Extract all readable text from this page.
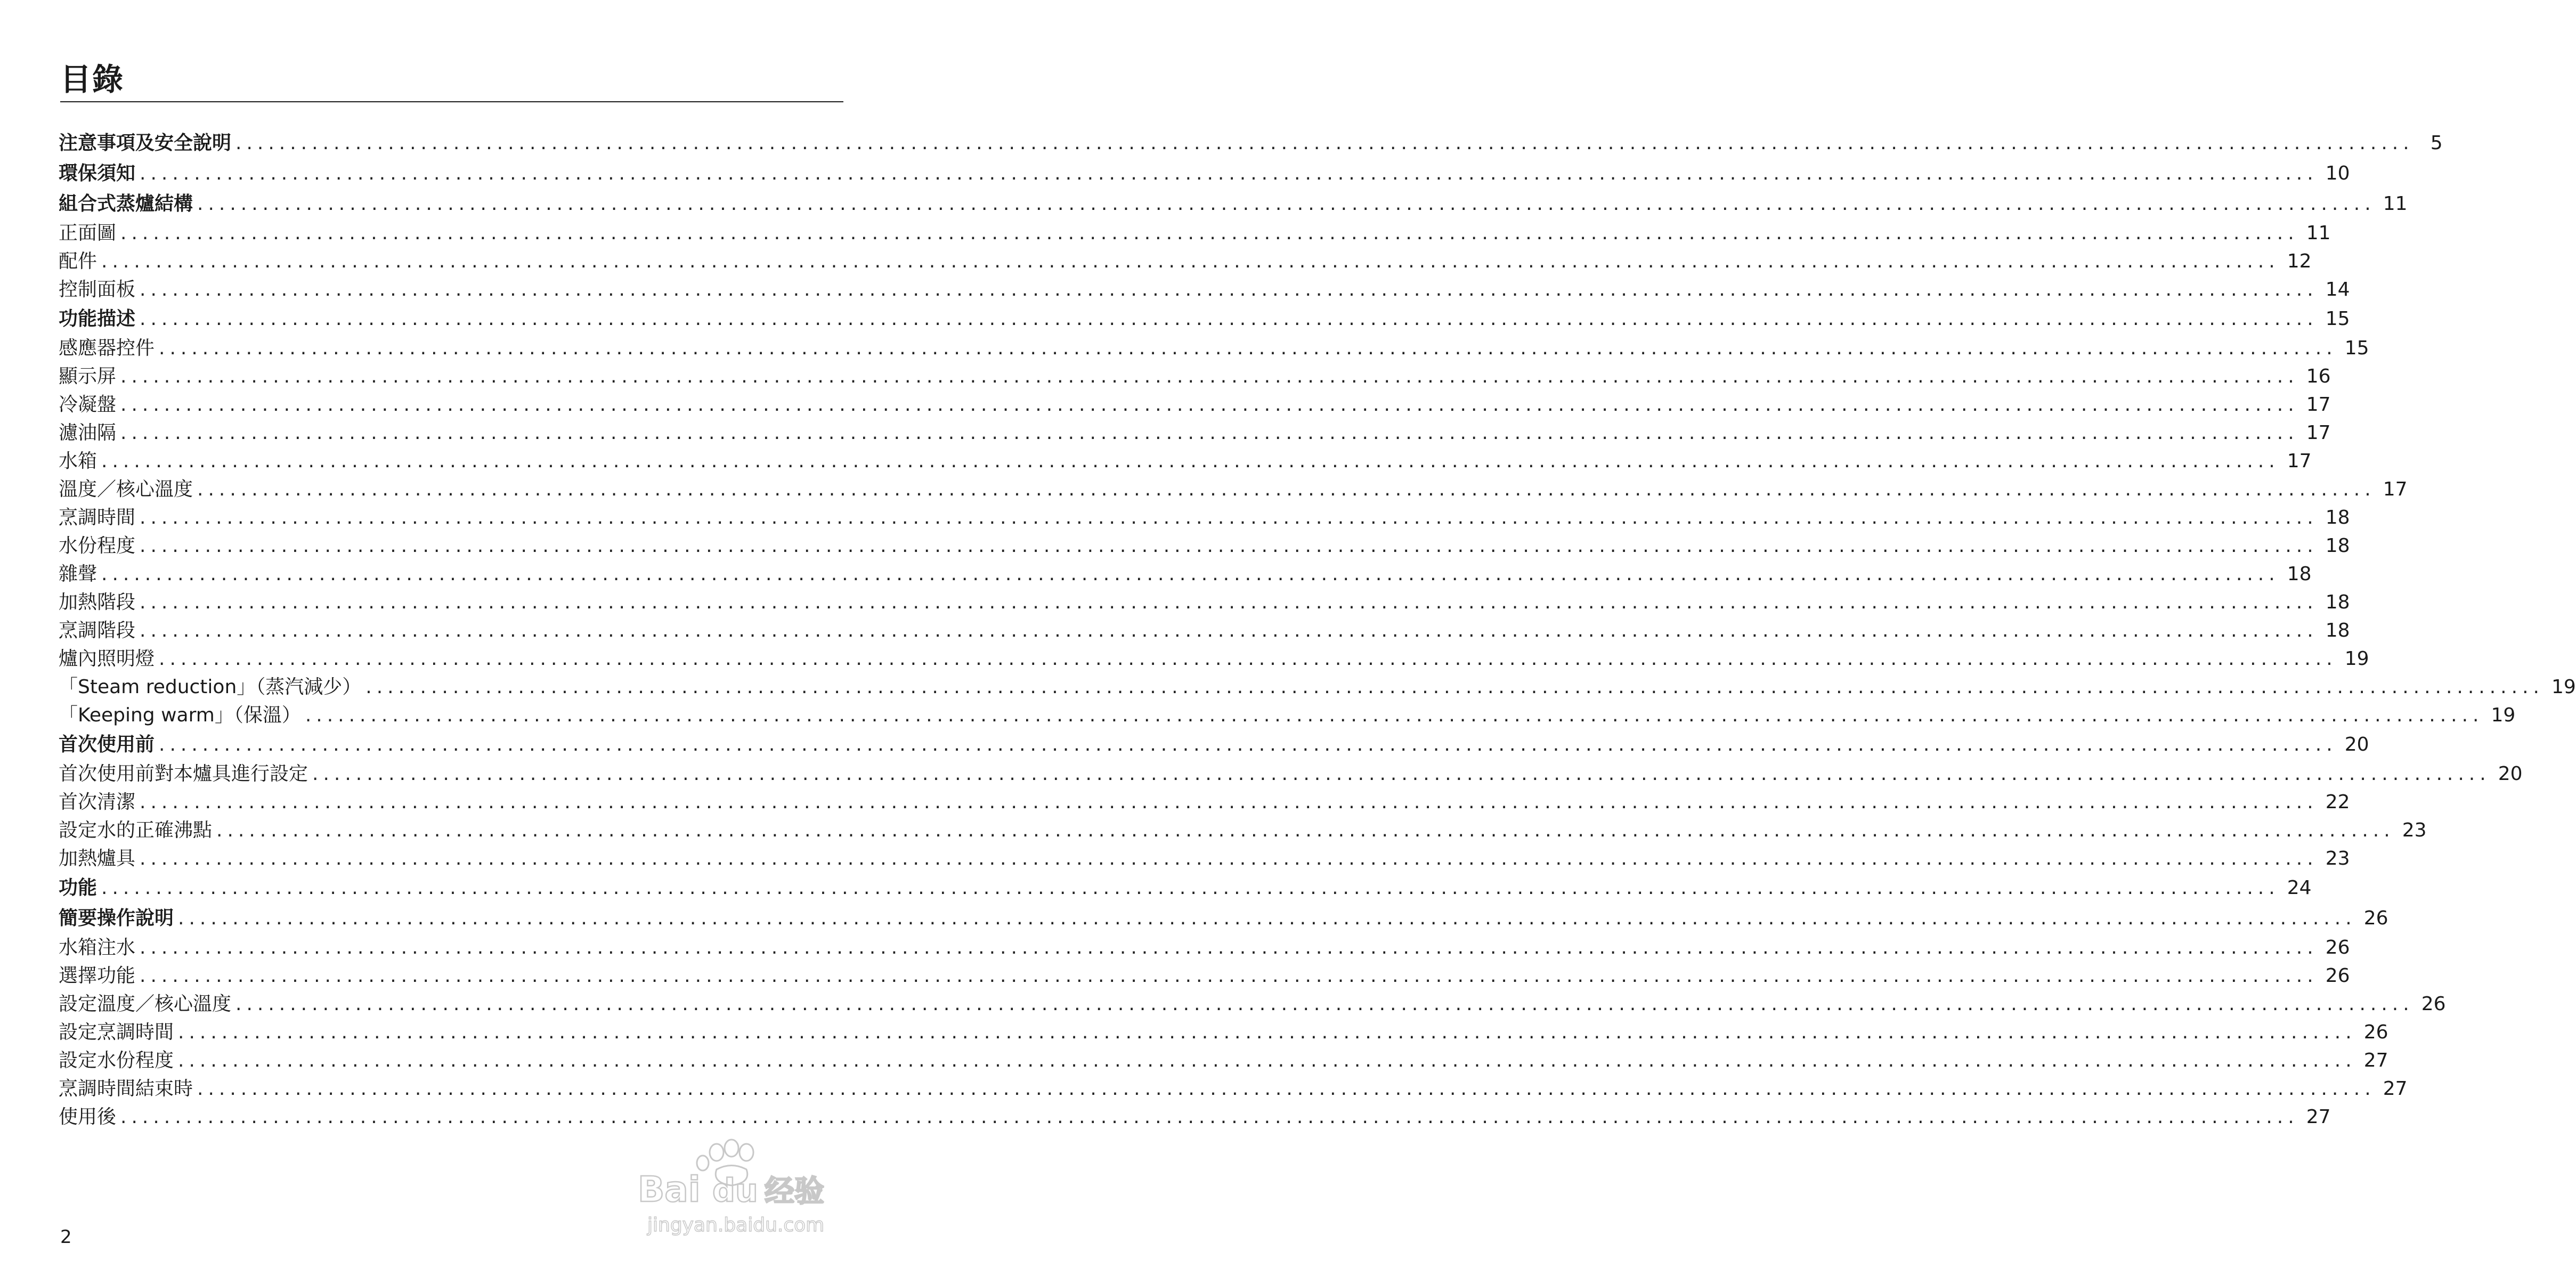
目錄
注意事項及安全說明 ........................................................................................................................................................................................................ 5
環保須知 ........................................................................................................................................................................................................ 10
組合式蒸爐結構 ........................................................................................................................................................................................................ 11
正面圖 ........................................................................................................................................................................................................ 11
配件 ........................................................................................................................................................................................................ 12
控制面板 ........................................................................................................................................................................................................ 14
功能描述 ........................................................................................................................................................................................................ 15
感應器控件 ........................................................................................................................................................................................................ 15
顯示屏 ........................................................................................................................................................................................................ 16
冷凝盤 ........................................................................................................................................................................................................ 17
濾油隔 ........................................................................................................................................................................................................ 17
水箱 ........................................................................................................................................................................................................ 17
溫度／核心溫度 ........................................................................................................................................................................................................ 17
烹調時間 ........................................................................................................................................................................................................ 18
水份程度 ........................................................................................................................................................................................................ 18
雜聲 ........................................................................................................................................................................................................ 18
加熱階段 ........................................................................................................................................................................................................ 18
烹調階段 ........................................................................................................................................................................................................ 18
爐內照明燈 ........................................................................................................................................................................................................ 19
「Steam reduction」（蒸汽減少） ........................................................................................................................................................................................................ 19
「Keeping warm」（保溫） ........................................................................................................................................................................................................ 19
首次使用前 ........................................................................................................................................................................................................ 20
首次使用前對本爐具進行設定 ........................................................................................................................................................................................................ 20
首次清潔 ........................................................................................................................................................................................................ 22
設定水的正確沸點 ........................................................................................................................................................................................................ 23
加熱爐具 ........................................................................................................................................................................................................ 23
功能 ........................................................................................................................................................................................................ 24
簡要操作說明 ........................................................................................................................................................................................................ 26
水箱注水 ........................................................................................................................................................................................................ 26
選擇功能 ........................................................................................................................................................................................................ 26
設定溫度／核心溫度 ........................................................................................................................................................................................................ 26
設定烹調時間 ........................................................................................................................................................................................................ 26
設定水份程度 ........................................................................................................................................................................................................ 27
烹調時間結束時 ........................................................................................................................................................................................................ 27
使用後 ........................................................................................................................................................................................................ 27
2
Bai du 经验
jingyan.baidu.com
